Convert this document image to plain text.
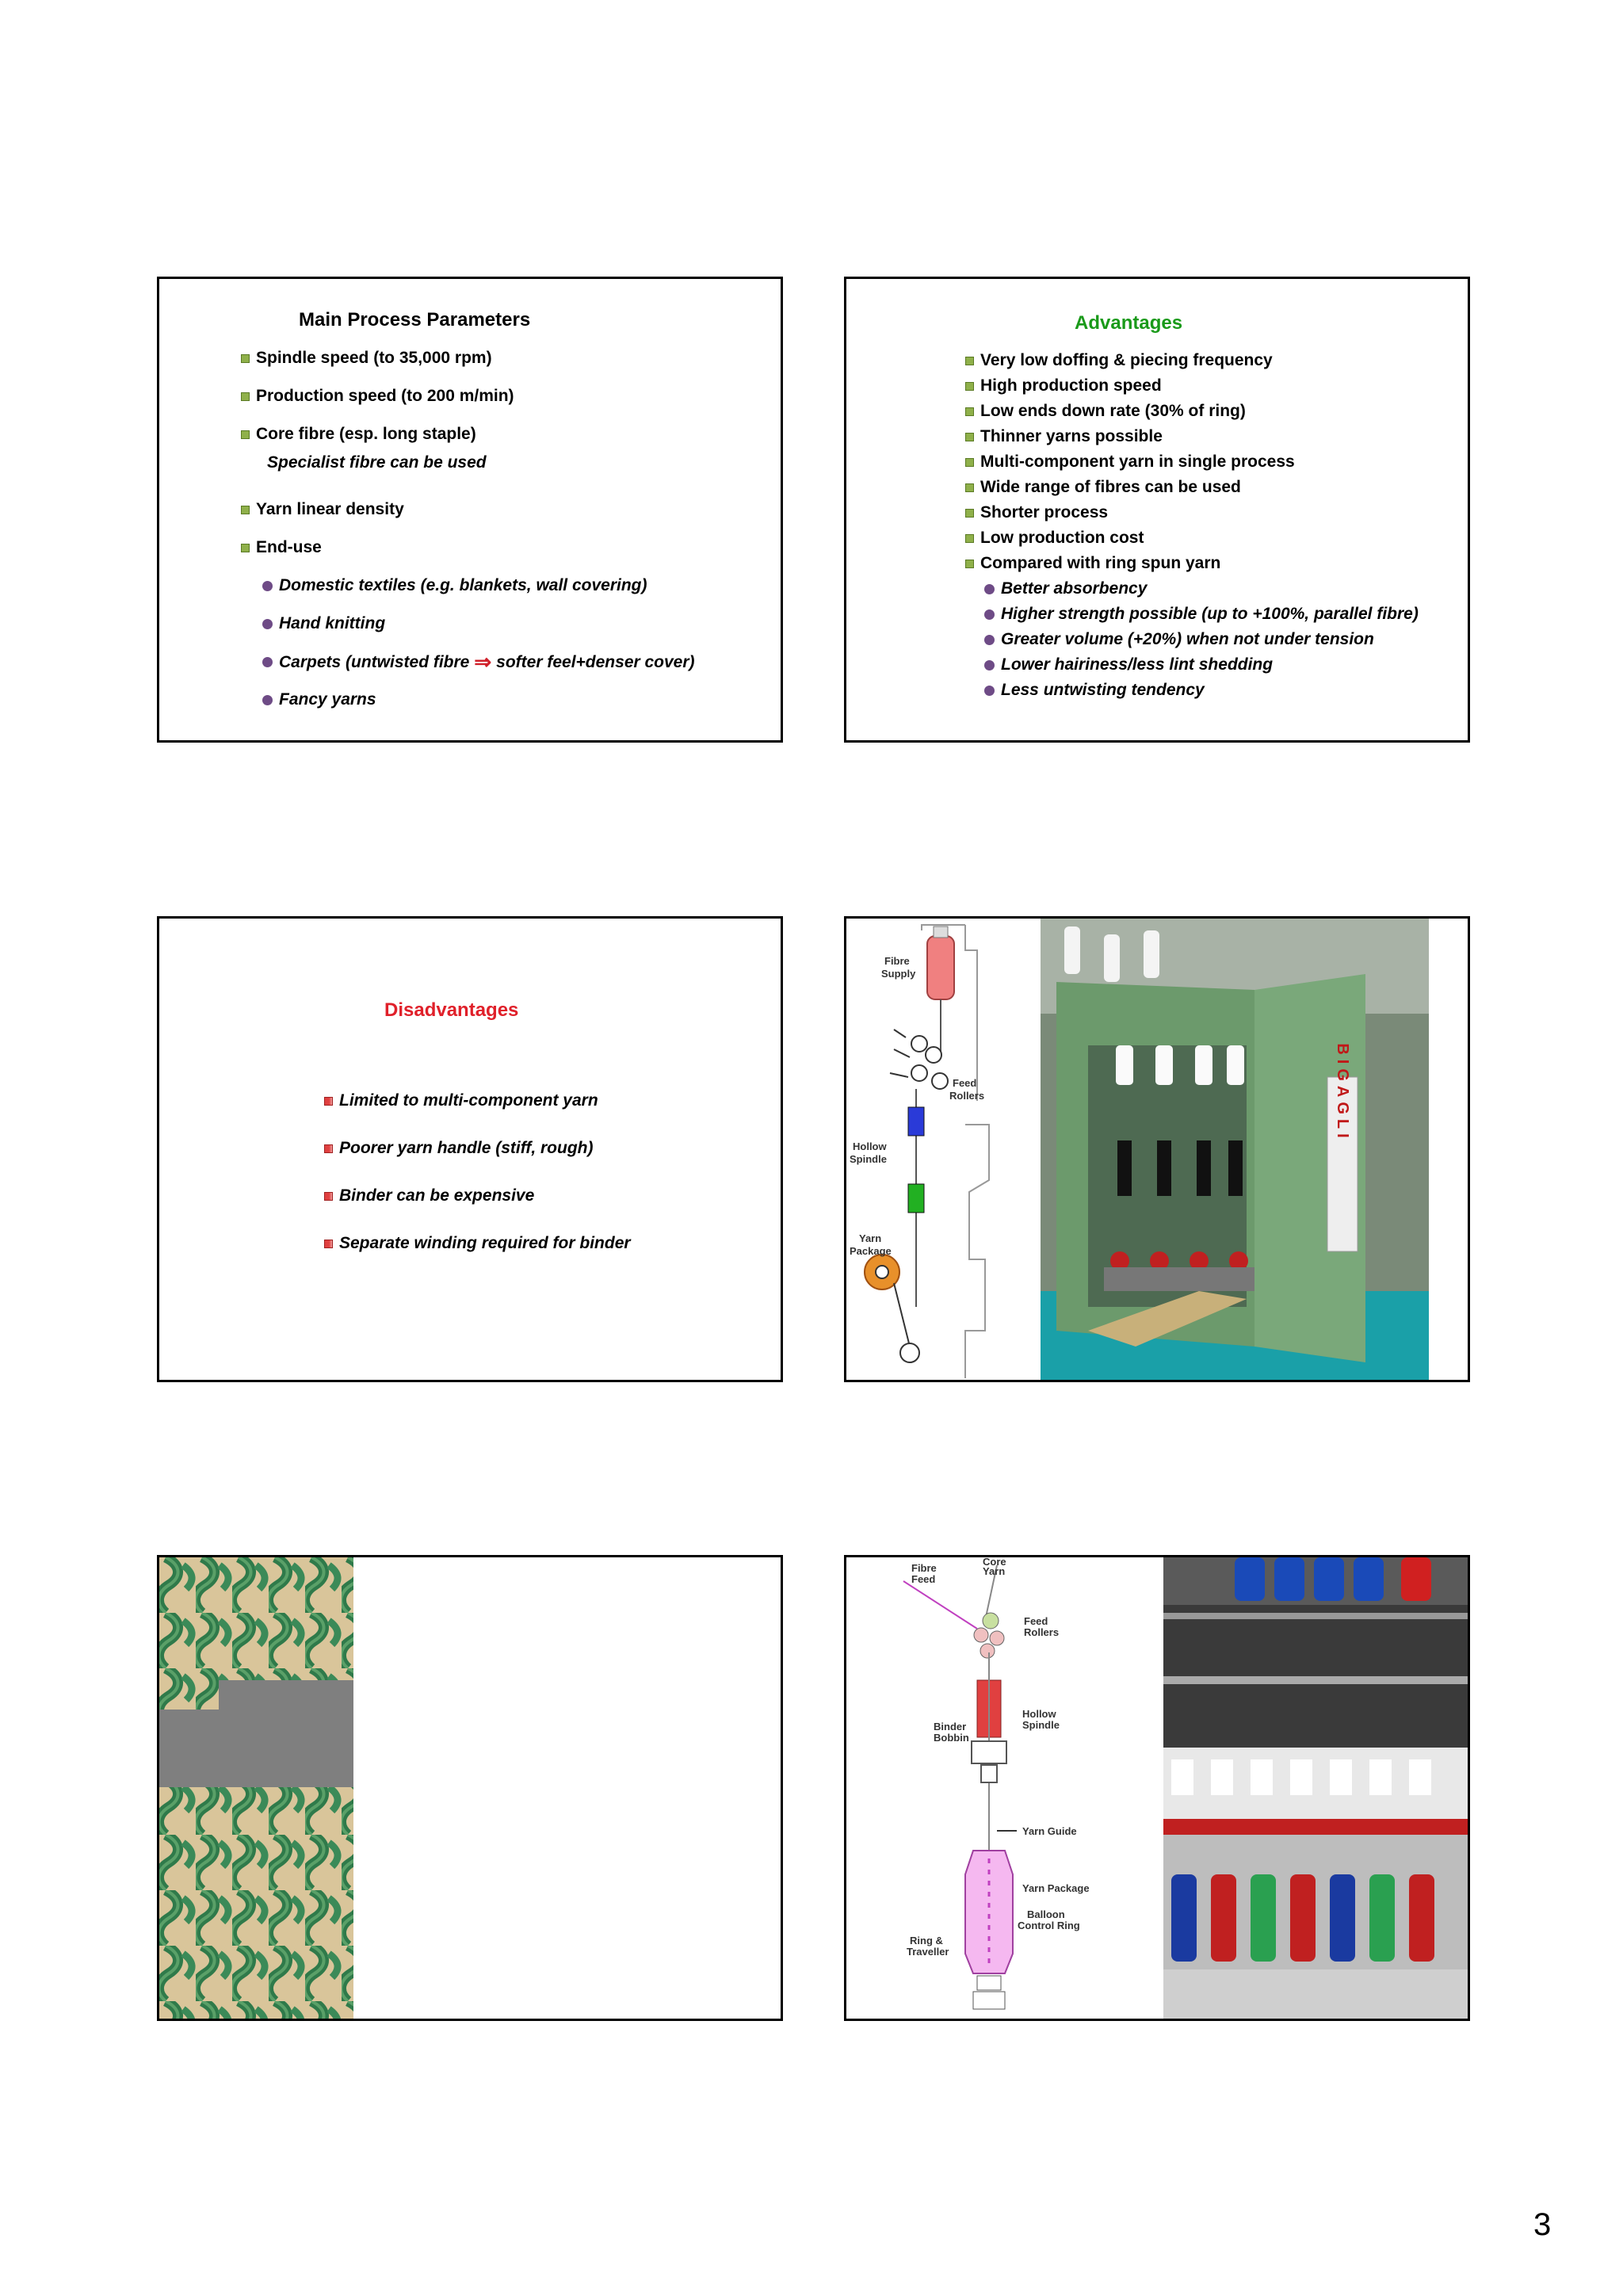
Main Process Parameters
Spindle speed (to 35,000 rpm)
Production speed (to 200 m/min)
Core fibre (esp. long staple)
Specialist fibre can be used
Yarn linear density
End-use
Domestic textiles (e.g. blankets, wall covering)
Hand knitting
Carpets (untwisted fibre ⇒ softer feel+denser cover)
Fancy yarns
Advantages
Very low doffing & piecing frequency
High production speed
Low ends down rate (30% of ring)
Thinner yarns possible
Multi-component yarn in single process
Wide range of fibres can be used
Shorter process
Low production cost
Compared with ring spun yarn
Better absorbency
Higher strength possible (up to +100%, parallel fibre)
Greater volume (+20%) when not under tension
Lower hairiness/less lint shedding
Less untwisting tendency
Disadvantages
Limited to multi-component yarn
Poorer yarn handle (stiff, rough)
Binder can be expensive
Separate winding required for binder
Fibre
Supply
Feed
Rollers
Hollow
Spindle
Yarn
Package
BIGAGLI
Fibre
Feed
Core
Yarn
Feed
Rollers
Hollow
Spindle
Binder
Bobbin
Yarn Guide
Yarn Package
Balloon
Control Ring
Ring &
Traveller
3
